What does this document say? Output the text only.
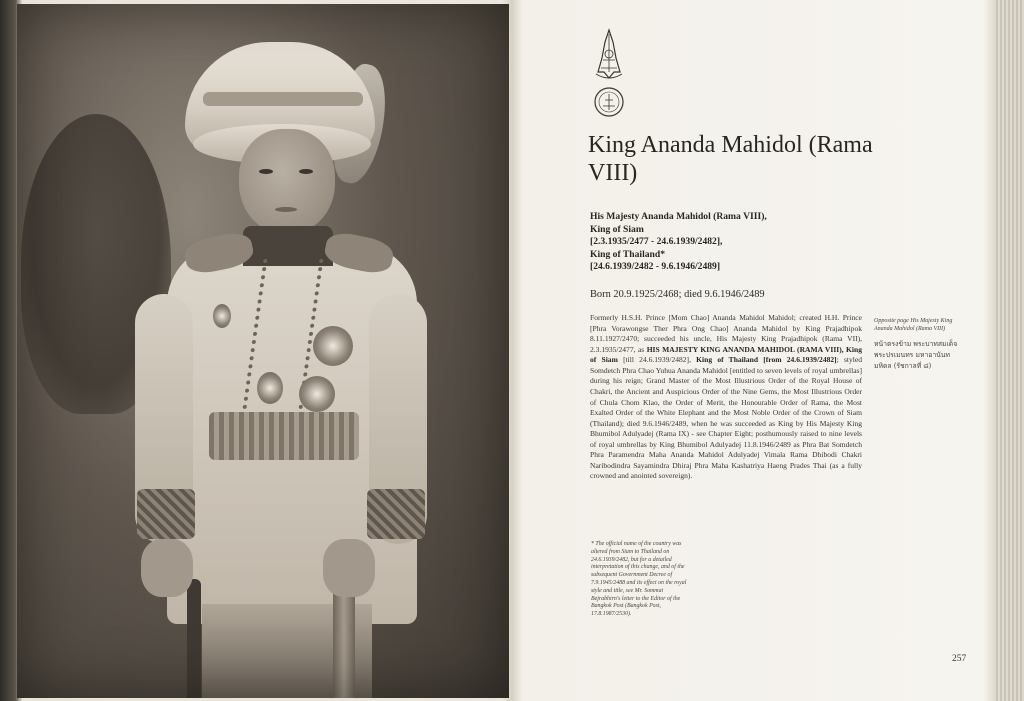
King Ananda Mahidol (Rama VIII)
His Majesty Ananda Mahidol (Rama VIII),
King of Siam
[2.3.1935/2477 - 24.6.1939/2482],
King of Thailand*
[24.6.1939/2482 - 9.6.1946/2489]
Born 20.9.1925/2468; died 9.6.1946/2489
Formerly H.S.H. Prince [Mom Chao] Ananda Mahidol Mahidol; created H.H. Prince [Phra Vorawongse Ther Phra Ong Chao] Ananda Mahidol by King Prajadhipok 8.11.1927/2470; succeeded his uncle, His Majesty King Prajadhipok (Rama VII), 2.3.1935/2477, as HIS MAJESTY KING ANANDA MAHIDOL (RAMA VIII), King of Siam [till 24.6.1939/2482], King of Thailand [from 24.6.1939/2482]; styled Somdetch Phra Chao Yuhua Ananda Mahidol [entitled to seven levels of royal umbrellas] during his reign; Grand Master of the Most Illustrious Order of the Royal House of Chakri, the Ancient and Auspicious Order of the Nine Gems, the Most Illustrious Order of Chula Chom Klao, the Order of Merit, the Honourable Order of Rama, the Most Exalted Order of the White Elephant and the Most Noble Order of the Crown of Siam (Thailand); died 9.6.1946/2489, when he was succeeded as King by His Majesty King Bhumibol Adulyadej (Rama IX) - see Chapter Eight; posthumously raised to nine levels of royal umbrellas by King Bhumibol Adulyadej 11.8.1946/2489 as Phra Bat Somdetch Phra Paramendra Maha Ananda Mahidol Adulyadej Vimala Rama Dhibodi Chakri Naribodindra Sayamindra Dhiraj Phra Maha Kashatriya Haeng Prades Thai (as a fully crowned and anointed sovereign).
Opposite page His Majesty King Ananda Mahidol (Rama VIII)
หน้าตรงข้าม พระบาทสมเด็จพระปรเมนทร มหาอานันทมหิดล (รัชกาลที่ ๘)
* The official name of the country was altered from Siam to Thailand on 24.6.1939/2482, but for a detailed interpretation of this change, and of the subsequent Government Decree of 7.9.1945/2488 and its effect on the royal style and title, see Mr. Sommai Bejrabhirn's letter to the Editor of the Bangkok Post (Bangkok Post, 17.8.1987/2530).
257
